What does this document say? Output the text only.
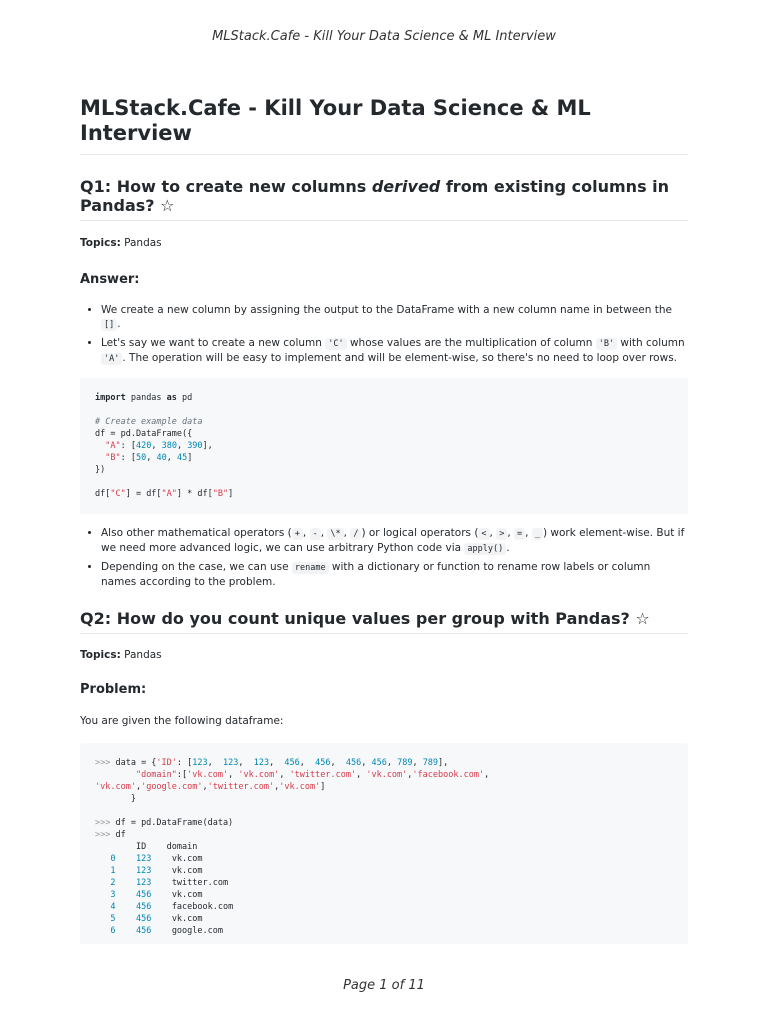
MLStack.Cafe - Kill Your Data Science & ML Interview
MLStack.Cafe - Kill Your Data Science & ML Interview
Q1: How to create new columns derived from existing columns in Pandas? ☆

Topics: Pandas

Answer:
• We create a new column by assigning the output to the DataFrame with a new column name in between the [] .
• Let's say we want to create a new column 'C' whose values are the multiplication of column 'B' with column 'A' . The operation will be easy to implement and will be element-wise, so there's no need to loop over rows.
import pandas as pd

# Create example data
df = pd.DataFrame({
"A": [420, 380, 390],
"B": [50, 40, 45]
})

df["C"] = df["A"] * df["B"]
• Also other mathematical operators ( + , - , \* , / ) or logical operators ( < , > , = , _ ) work element-wise. But if we need more advanced logic, we can use arbitrary Python code via apply() .
• Depending on the case, we can use rename with a dictionary or function to rename row labels or column names according to the problem.
Q2: How do you count unique values per group with Pandas? ☆

Topics: Pandas

Problem:

You are given the following dataframe:

>>> data = {'ID': [123,  123,  123,  456,  456,  456, 456, 789, 789],
"domain":['vk.com', 'vk.com', 'twitter.com', 'vk.com','facebook.com',
'vk.com','google.com','twitter.com','vk.com']
}

>>> df = pd.DataFrame(data)
>>> df
ID    domain
0 123 vk.com
1 123 vk.com
2 123 twitter.com
3 456 vk.com
4 456 facebook.com
5 456 vk.com
6 456 google.com
Page 1 of 11
